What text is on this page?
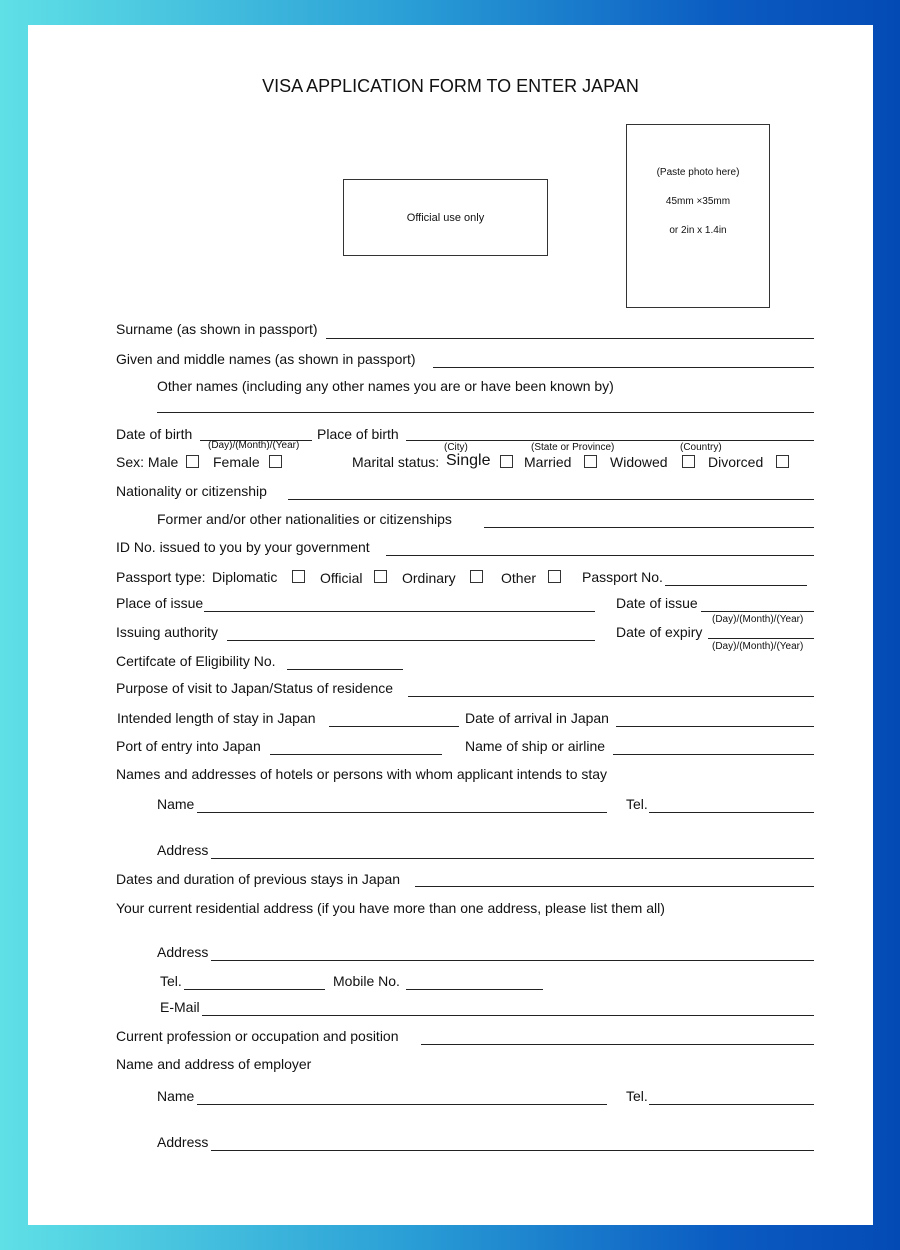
VISA APPLICATION FORM TO ENTER JAPAN
Official use only
(Paste photo here)
45mm ×35mm
or 2in x 1.4in
Surname (as shown in passport)
Given and middle names (as shown in passport)
Other names (including any other names you are or have been known by)
Date of birth
(Day)/(Month)/(Year)
Place of birth
(City)	(State or Province)	(Country)
Sex: Male Female	Marital status: Single Married	Widowed	Divorced
Nationality or citizenship
Former and/or other nationalities or citizenships
ID No. issued to you by your government
Passport type: Diplomatic	Official	Ordinary	Other	Passport No.
Place of issue	Date of issue
(Day)/(Month)/(Year)
Issuing authority	Date of expiry
(Day)/(Month)/(Year)
Certifcate of Eligibility No.
Purpose of visit to Japan/Status of residence
Intended length of stay in Japan	Date of arrival in Japan
Port of entry into Japan	Name of ship or airline
Names and addresses of hotels or persons with whom applicant intends to stay
Name	Tel.
Address
Dates and duration of previous stays in Japan
Your current residential address (if you have more than one address, please list them all)
Address
Tel.	Mobile No.
E-Mail
Current profession or occupation and position
Name and address of employer
Name	Tel.
Address
